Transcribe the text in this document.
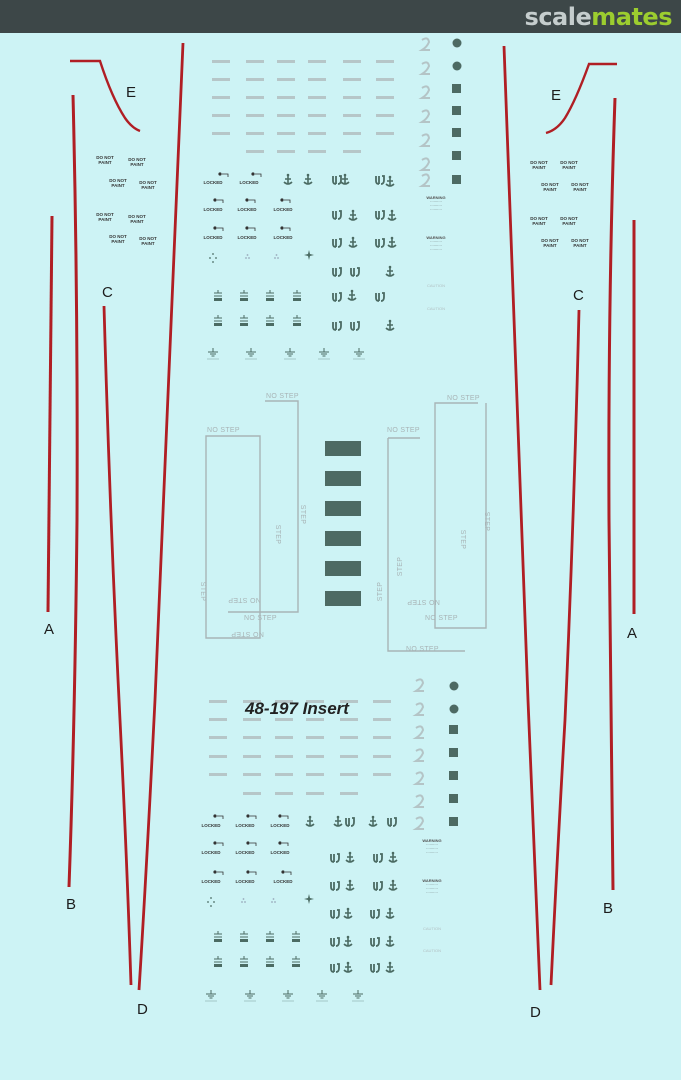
scalemates
E	E
C	C
A	A
B	B
D	D
48-197 Insert
DO NOT PAINT
DO NOT PAINT
DO NOT PAINT
DO NOT PAINT
DO NOT PAINT
DO NOT PAINT
DO NOT PAINT
DO NOT PAINT
DO NOT PAINT
DO NOT PAINT
DO NOT PAINT
DO NOT PAINT
DO NOT PAINT
DO NOT PAINT
DO NOT PAINT
DO NOT PAINT
LOCKED	LOCKED
LOCKED	LOCKED	LOCKED
LOCKED	LOCKED	LOCKED
LOCKED	LOCKED	LOCKED
LOCKED	LOCKED	LOCKED
LOCKED	LOCKED	LOCKED
NO STEP
NO STEP
NO STEP
NO STEP
NO STEP
NO STEP
NO STEP
NO STEP
NO STEP
NO STEP
STEP
STEP
STEP
STEP
STEP
STEP
STEP
WARNING
··········
··········
··········
WARNING
··········
··········
··········
CAUTION
CAUTION
WARNING
··········
··········
··········
WARNING
··········
··········
··········
CAUTION
CAUTION
